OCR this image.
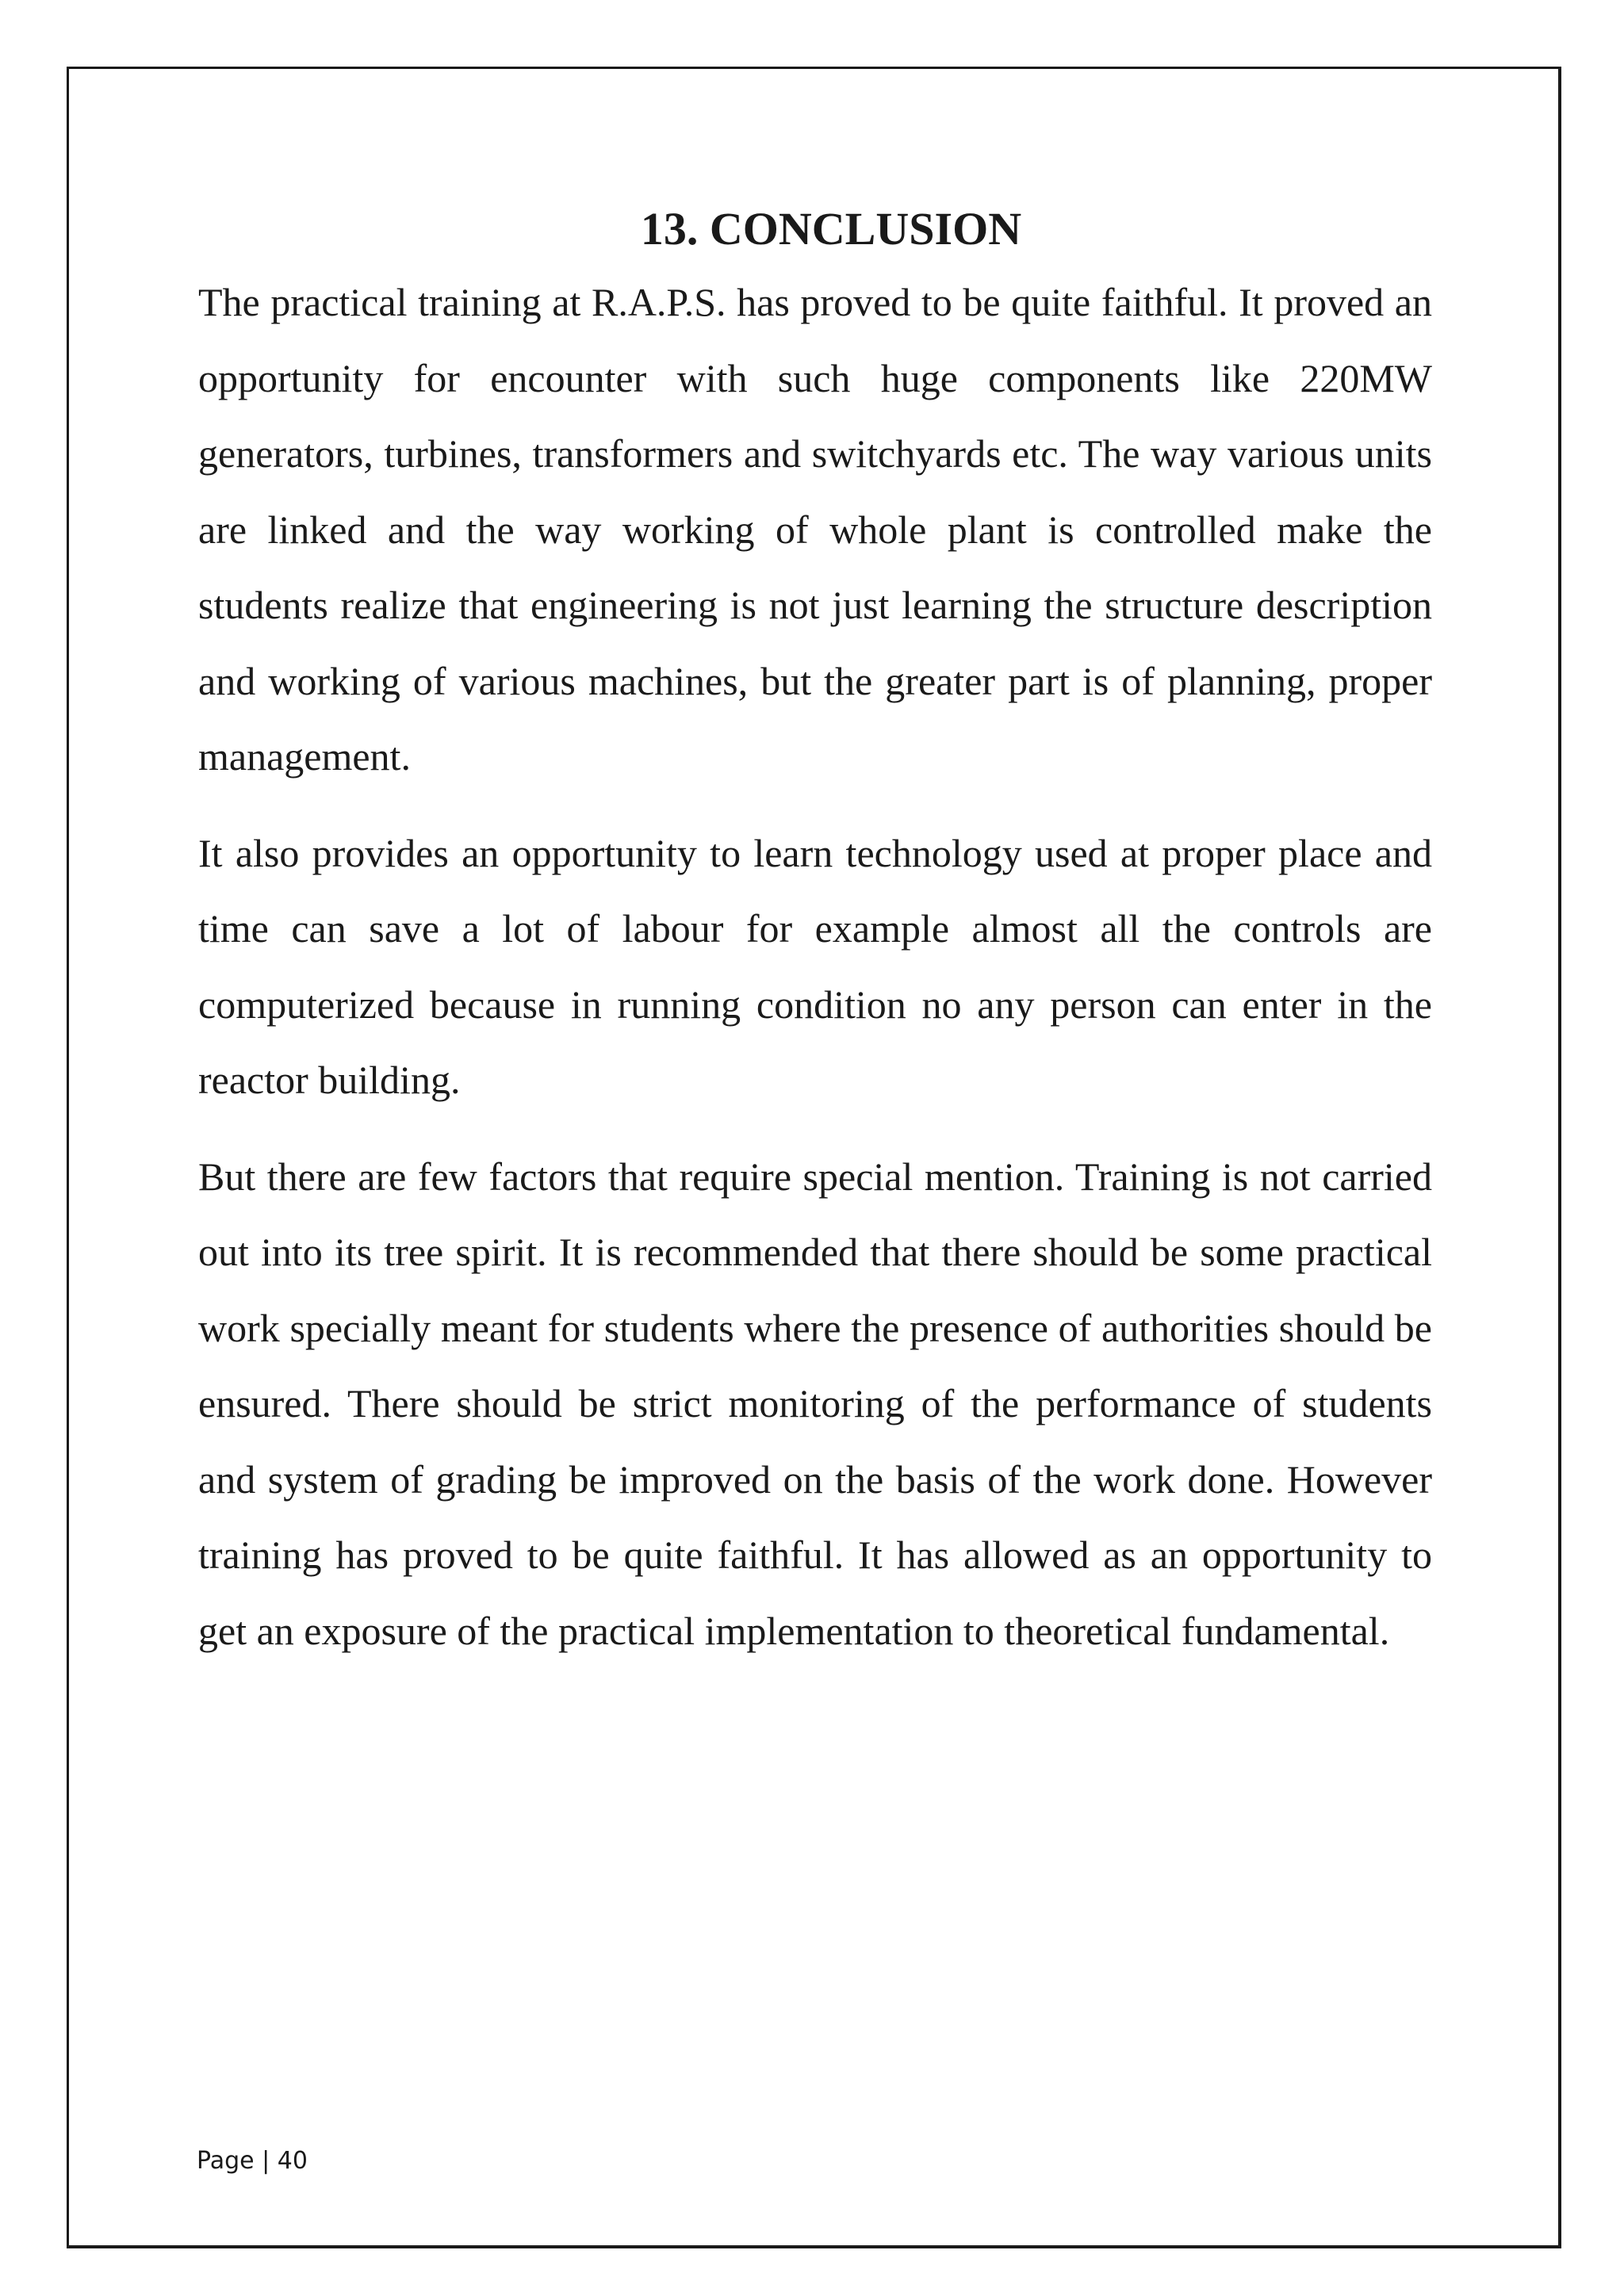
13. CONCLUSION

The practical training at R.A.P.S. has proved to be quite faithful. It proved an opportunity for encounter with such huge components like 220MW generators, turbines, transformers and switchyards etc. The way various units are linked and the way working of whole plant is controlled make the students realize that engineering is not just learning the structure description and working of various machines, but the greater part is of planning, proper management.

It also provides an opportunity to learn technology used at proper place and time can save a lot of labour for example almost all the controls are computerized because in running condition no any person can enter in the reactor building.

But there are few factors that require special mention. Training is not carried out into its tree spirit. It is recommended that there should be some practical work specially meant for students where the presence of authorities should be ensured. There should be strict monitoring of the performance of students and system of grading be improved on the basis of the work done. However training has proved to be quite faithful. It has allowed as an opportunity to get an exposure of the practical implementation to theoretical fundamental.

Page | 40
